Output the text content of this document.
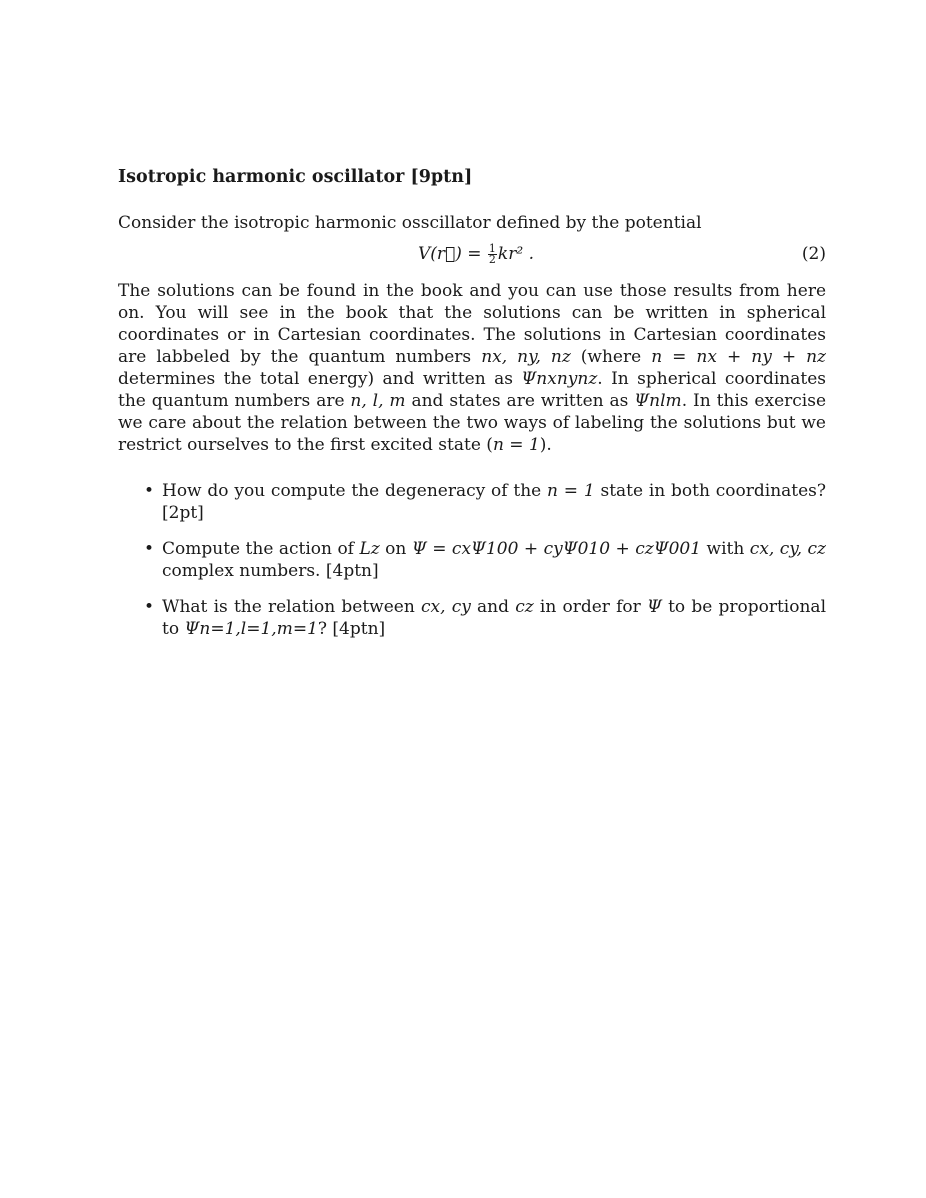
Isotropic harmonic oscillator [9ptn]

Consider the isotropic harmonic osscillator defined by the potential

V(r⃗) = $\frac{1}{2} kr^2$ .	(2)

The solutions can be found in the book and you can use those results from here on. You will see in the book that the solutions can be written in spherical coordinates or in Cartesian coordinates. The solutions in Cartesian coordinates are labbeled by the quantum numbers nx, ny, nz (where n = nx + ny + nz determines the total energy) and written as Ψnxnynz. In spherical coordinates the quantum numbers are n, l, m and states are written as Ψnlm. In this exercise we care about the relation between the two ways of labeling the solutions but we restrict ourselves to the first excited state (n = 1).

• How do you compute the degeneracy of the n = 1 state in both coordinates? [2pt]
• Compute the action of Lz on Ψ = cxΨ100 + cyΨ010 + czΨ001 with cx, cy, cz complex numbers. [4ptn]
• What is the relation between cx, cy and cz in order for Ψ to be proportional to Ψn=1,l=1,m=1? [4ptn]
